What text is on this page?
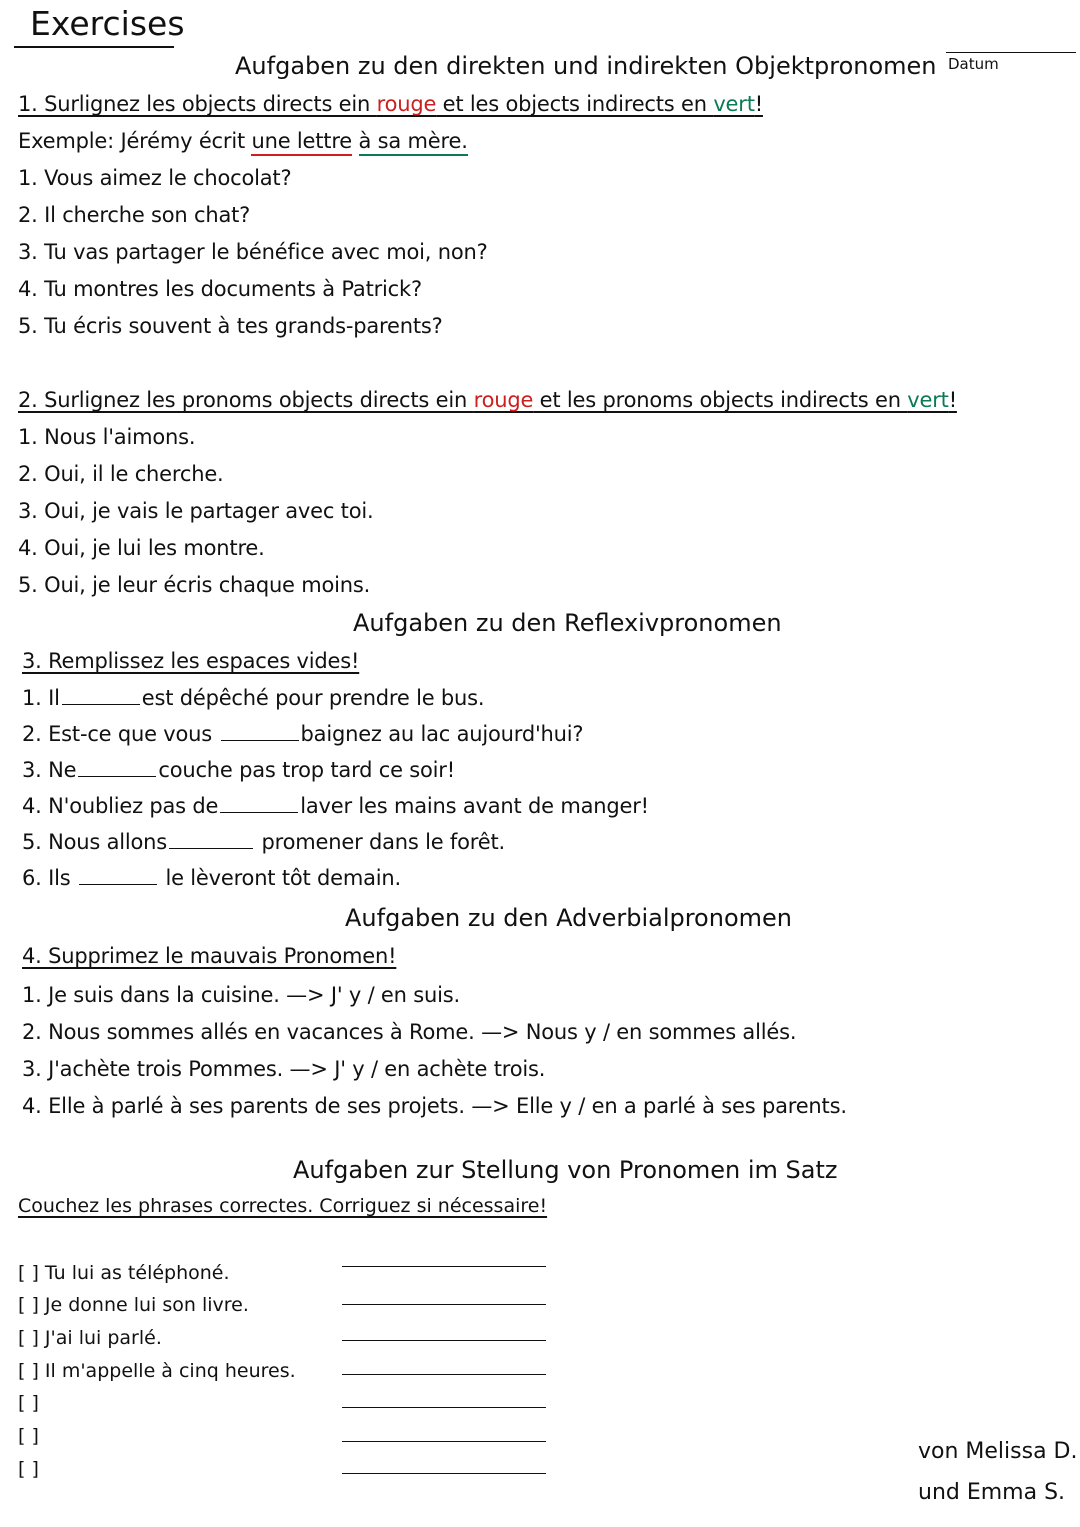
Exercises
Aufgaben zu den direkten und indirekten Objektpronomen Datum
1. Surlignez les objects directs ein rouge et les objects indirects en vert!
Exemple: Jérémy écrit une lettre à sa mère.
1. Vous aimez le chocolat?
2. Il cherche son chat?
3. Tu vas partager le bénéfice avec moi, non?
4. Tu montres les documents à Patrick?
5. Tu écris souvent à tes grands-parents?
2. Surlignez les pronoms objects directs ein rouge et les pronoms objects indirects en vert!
1. Nous l'aimons.
2. Oui, il le cherche.
3. Oui, je vais le partager avec toi.
4. Oui, je lui les montre.
5. Oui, je leur écris chaque moins.
Aufgaben zu den Reflexivpronomen
3. Remplissez les espaces vides!
1. Il	est dépêché pour prendre le bus.
2. Est-ce que vous	baignez au lac aujourd'hui?
3. Ne	couche pas trop tard ce soir!
4. N'oubliez pas de	laver les mains avant de manger!
5. Nous allons	promener dans le forêt.
6. Ils	le lèveront tôt demain.
Aufgaben zu den Adverbialpronomen
4. Supprimez le mauvais Pronomen!
1. Je suis dans la cuisine. —> J' y / en suis.
2. Nous sommes allés en vacances à Rome. —> Nous y / en sommes allés.
3. J'achète trois Pommes. —> J' y / en achète trois.
4. Elle à parlé à ses parents de ses projets. —> Elle y / en a parlé à ses parents.
Aufgaben zur Stellung von Pronomen im Satz
Couchez les phrases correctes. Corriguez si nécessaire!
[ ] Tu lui as téléphoné.
[ ] Je donne lui son livre.
[ ] J'ai lui parlé.
[ ] Il m'appelle à cinq heures.
[ ]
[ ]
[ ]
von Melissa D.
und Emma S.
